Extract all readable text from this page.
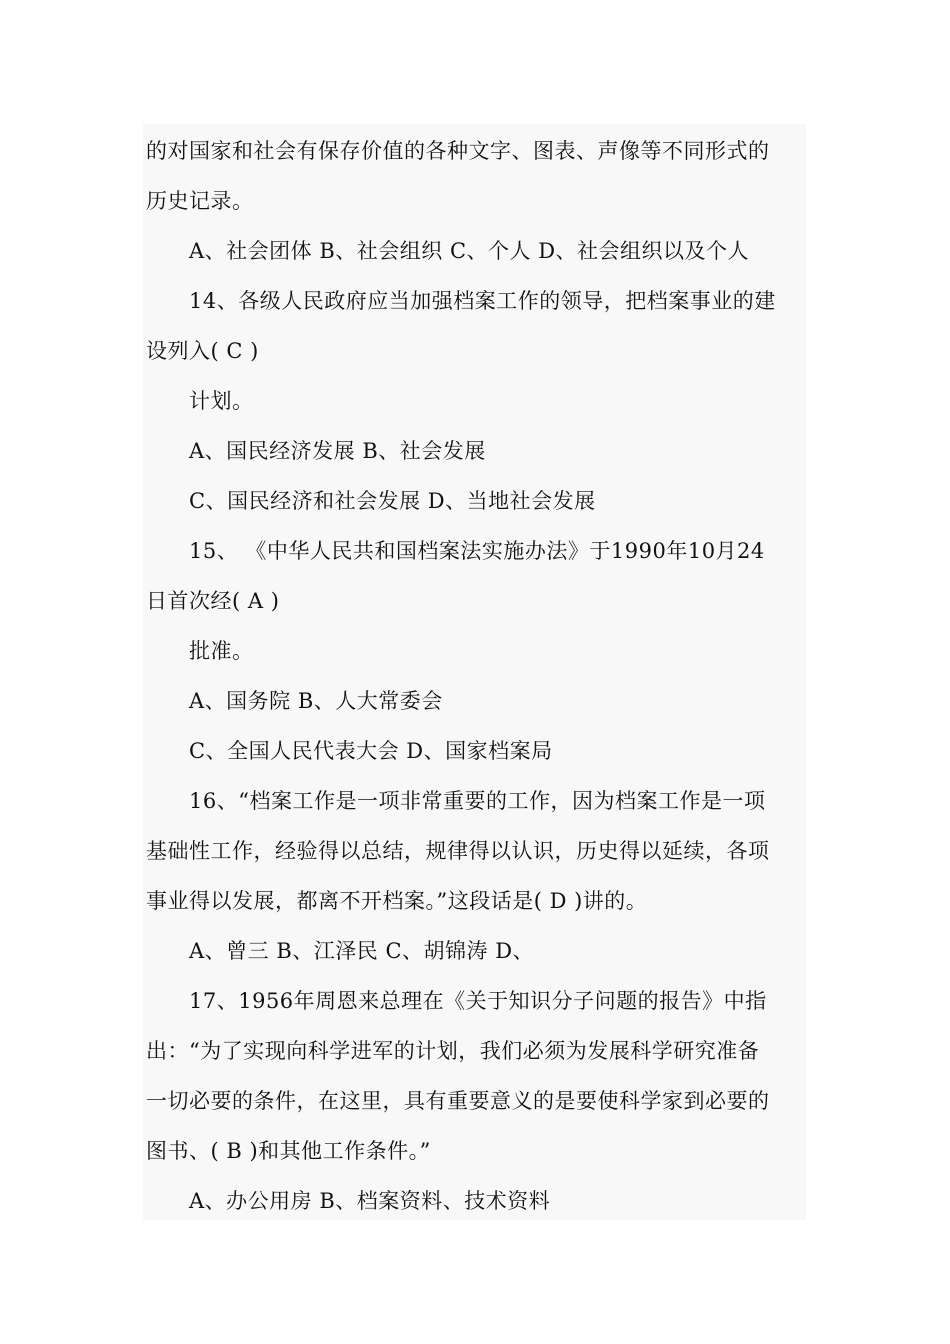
的对国家和社会有保存价值的各种文字、图表、声像等不同形式的
历史记录。
A、社会团体 B、社会组织 C、个人 D、社会组织以及个人
14、各级人民政府应当加强档案工作的领导，把档案事业的建
设列入( C )
计划。
A、国民经济发展 B、社会发展
C、国民经济和社会发展 D、当地社会发展
15、 《中华人民共和国档案法实施办法》于1990年10月24
日首次经( A )
批准。
A、国务院 B、人大常委会
C、全国人民代表大会 D、国家档案局
16、“档案工作是一项非常重要的工作，因为档案工作是一项
基础性工作，经验得以总结，规律得以认识，历史得以延续，各项
事业得以发展，都离不开档案。”这段话是( D )讲的。
A、曾三 B、江泽民 C、胡锦涛 D、
17、1956年周恩来总理在《关于知识分子问题的报告》中指
出：“为了实现向科学进军的计划，我们必须为发展科学研究准备
一切必要的条件，在这里，具有重要意义的是要使科学家到必要的
图书、( B )和其他工作条件。”
A、办公用房 B、档案资料、技术资料
